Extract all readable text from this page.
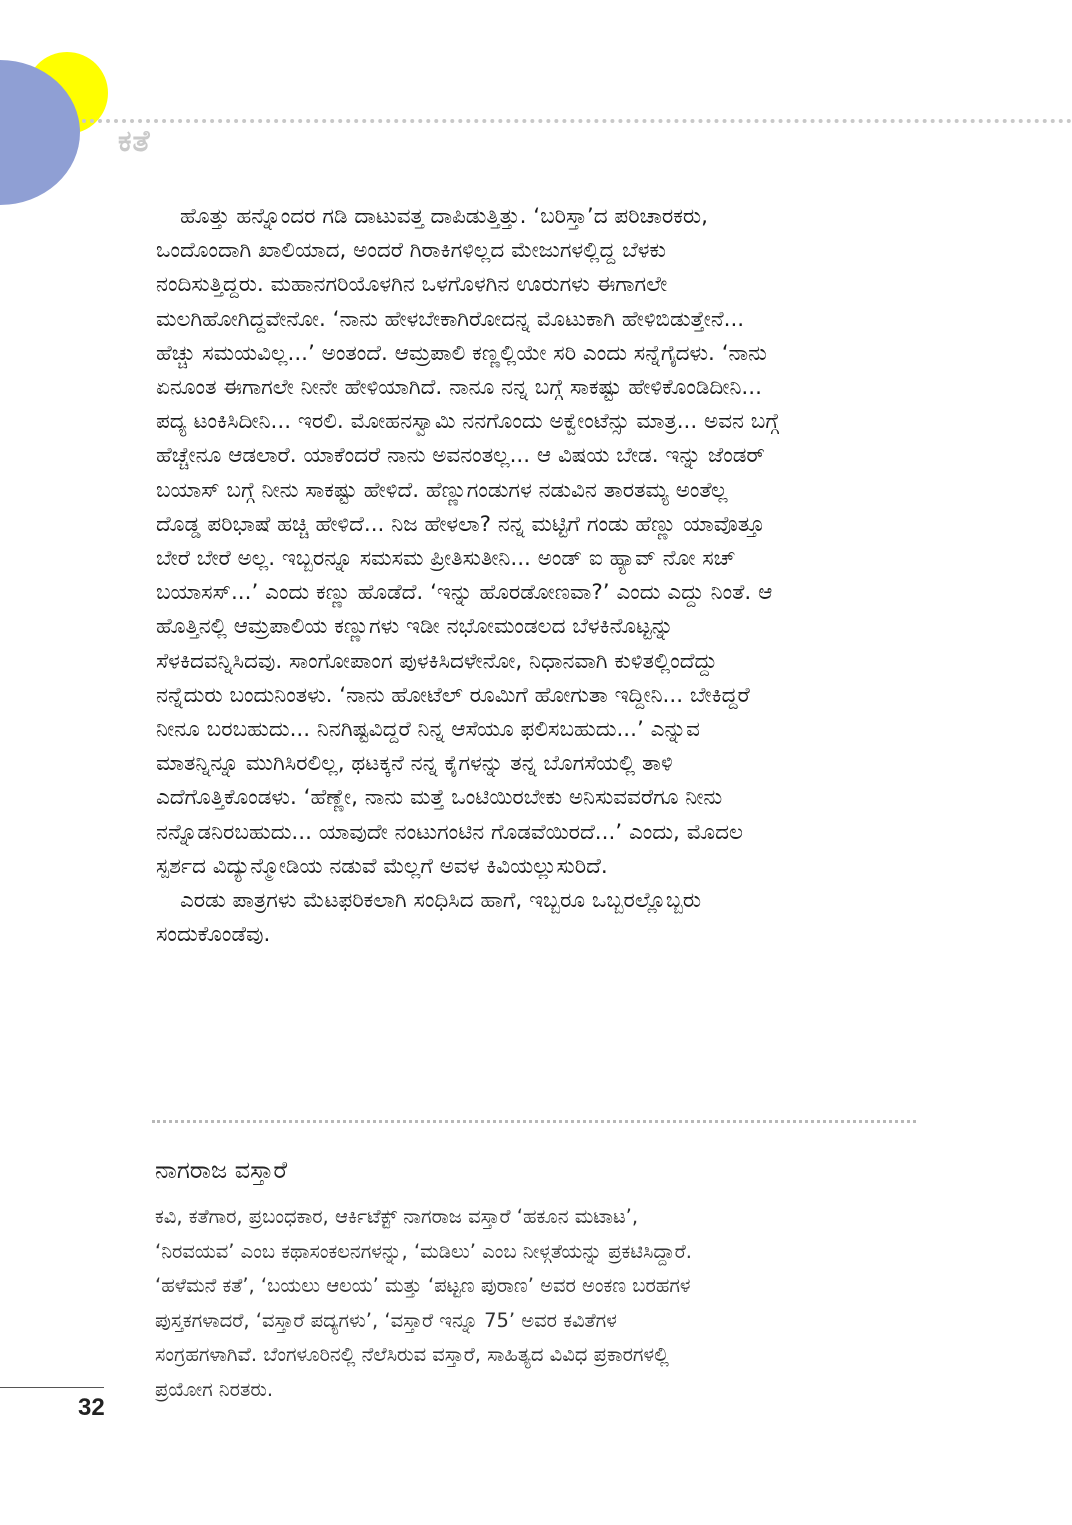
ಕತೆ
ಹೊತ್ತು ಹನ್ನೊಂದರ ಗಡಿ ದಾಟುವತ್ತ ದಾಪಿಡುತ್ತಿತ್ತು. ‘ಬರಿಸ್ತಾ’ದ ಪರಿಚಾರಕರು,
ಒಂದೊಂದಾಗಿ ಖಾಲಿಯಾದ, ಅಂದರೆ ಗಿರಾಕಿಗಳಿಲ್ಲದ ಮೇಜುಗಳಲ್ಲಿದ್ದ ಬೆಳಕು
ನಂದಿಸುತ್ತಿದ್ದರು. ಮಹಾನಗರಿಯೊಳಗಿನ ಒಳಗೊಳಗಿನ ಊರುಗಳು ಈಗಾಗಲೇ
ಮಲಗಿಹೋಗಿದ್ದವೇನೋ. ‘ನಾನು ಹೇಳಬೇಕಾಗಿರೋದನ್ನ ಮೊಟುಕಾಗಿ ಹೇಳಿಬಿಡುತ್ತೇನೆ...
ಹೆಚ್ಚು ಸಮಯವಿಲ್ಲ...’ ಅಂತಂದೆ. ಆಮ್ರಪಾಲಿ ಕಣ್ಣಲ್ಲಿಯೇ ಸರಿ ಎಂದು ಸನ್ನೆಗೈದಳು. ‘ನಾನು
ಏನೂಂತ ಈಗಾಗಲೇ ನೀನೇ ಹೇಳಿಯಾಗಿದೆ. ನಾನೂ ನನ್ನ ಬಗ್ಗೆ ಸಾಕಷ್ಟು ಹೇಳಿಕೊಂಡಿದೀನಿ...
ಪದ್ಯ ಟಂಕಿಸಿದೀನಿ... ಇರಲಿ. ಮೋಹನಸ್ವಾಮಿ ನನಗೊಂದು ಅಕ್ವೇಂಟೆನ್ಸು ಮಾತ್ರ... ಅವನ ಬಗ್ಗೆ
ಹೆಚ್ಚೇನೂ ಆಡಲಾರೆ. ಯಾಕೆಂದರೆ ನಾನು ಅವನಂತಲ್ಲ... ಆ ವಿಷಯ ಬೇಡ. ಇನ್ನು ಜೆಂಡರ್
ಬಯಾಸ್ ಬಗ್ಗೆ ನೀನು ಸಾಕಷ್ಟು ಹೇಳಿದೆ. ಹೆಣ್ಣುಗಂಡುಗಳ ನಡುವಿನ ತಾರತಮ್ಯ ಅಂತೆಲ್ಲ
ದೊಡ್ಡ ಪರಿಭಾಷೆ ಹಚ್ಚಿ ಹೇಳಿದೆ... ನಿಜ ಹೇಳಲಾ? ನನ್ನ ಮಟ್ಟಿಗೆ ಗಂಡು ಹೆಣ್ಣು ಯಾವೊತ್ತೂ
ಬೇರೆ ಬೇರೆ ಅಲ್ಲ. ಇಬ್ಬರನ್ನೂ ಸಮಸಮ ಪ್ರೀತಿಸುತೀನಿ... ಅಂಡ್ ಐ ಹ್ಯಾವ್ ನೋ ಸಚ್
ಬಯಾಸಸ್...’ ಎಂದು ಕಣ್ಣು ಹೊಡೆದೆ. ‘ಇನ್ನು ಹೊರಡೋಣವಾ?’ ಎಂದು ಎದ್ದು ನಿಂತೆ. ಆ
ಹೊತ್ತಿನಲ್ಲಿ ಆಮ್ರಪಾಲಿಯ ಕಣ್ಣುಗಳು ಇಡೀ ನಭೋಮಂಡಲದ ಬೆಳಕಿನೊಟ್ಟನ್ನು
ಸೆಳಕಿದವನ್ನಿಸಿದವು. ಸಾಂಗೋಪಾಂಗ ಪುಳಕಿಸಿದಳೇನೋ, ನಿಧಾನವಾಗಿ ಕುಳಿತಲ್ಲಿಂದೆದ್ದು
ನನ್ನೆದುರು ಬಂದುನಿಂತಳು. ‘ನಾನು ಹೋಟೆಲ್ ರೂಮಿಗೆ ಹೋಗುತಾ ಇದ್ದೀನಿ... ಬೇಕಿದ್ದರೆ
ನೀನೂ ಬರಬಹುದು... ನಿನಗಿಷ್ಟವಿದ್ದರೆ ನಿನ್ನ ಆಸೆಯೂ ಫಲಿಸಬಹುದು...’ ಎನ್ನುವ
ಮಾತನ್ನಿನ್ನೂ ಮುಗಿಸಿರಲಿಲ್ಲ, ಥಟಕ್ಕನೆ ನನ್ನ ಕೈಗಳನ್ನು ತನ್ನ ಬೊಗಸೆಯಲ್ಲಿ ತಾಳಿ
ಎದೆಗೊತ್ತಿಕೊಂಡಳು. ‘ಹೆಣ್ಣೇ, ನಾನು ಮತ್ತೆ ಒಂಟಿಯಿರಬೇಕು ಅನಿಸುವವರೆಗೂ ನೀನು
ನನ್ನೊಡನಿರಬಹುದು... ಯಾವುದೇ ನಂಟುಗಂಟಿನ ಗೊಡವೆಯಿರದೆ...’ ಎಂದು, ಮೊದಲ
ಸ್ಪರ್ಶದ ವಿದ್ಯುನ್ಮೋಡಿಯ ನಡುವೆ ಮೆಲ್ಲಗೆ ಅವಳ ಕಿವಿಯಲ್ಲುಸುರಿದೆ.
ಎರಡು ಪಾತ್ರಗಳು ಮೆಟಫರಿಕಲಾಗಿ ಸಂಧಿಸಿದ ಹಾಗೆ, ಇಬ್ಬರೂ ಒಬ್ಬರಲ್ಲೊಬ್ಬರು
ಸಂದುಕೊಂಡೆವು.
ನಾಗರಾಜ ವಸ್ತಾರೆ
ಕವಿ, ಕತೆಗಾರ, ಪ್ರಬಂಧಕಾರ, ಆರ್ಕಿಟೆಕ್ಟ್ ನಾಗರಾಜ ವಸ್ತಾರೆ ‘ಹಕೂನ ಮಟಾಟ’,
‘ನಿರವಯವ’ ಎಂಬ ಕಥಾಸಂಕಲನಗಳನ್ನು, ‘ಮಡಿಲು’ ಎಂಬ ನೀಳ್ಗತೆಯನ್ನು ಪ್ರಕಟಿಸಿದ್ದಾರೆ.
‘ಹಳೆಮನೆ ಕತೆ’, ‘ಬಯಲು ಆಲಯ’ ಮತ್ತು ‘ಪಟ್ಟಣ ಪುರಾಣ’ ಅವರ ಅಂಕಣ ಬರಹಗಳ
ಪುಸ್ತಕಗಳಾದರೆ, ‘ವಸ್ತಾರೆ ಪದ್ಯಗಳು’, ‘ವಸ್ತಾರೆ ಇನ್ನೂ 75’ ಅವರ ಕವಿತೆಗಳ
ಸಂಗ್ರಹಗಳಾಗಿವೆ. ಬೆಂಗಳೂರಿನಲ್ಲಿ ನೆಲೆಸಿರುವ ವಸ್ತಾರೆ, ಸಾಹಿತ್ಯದ ವಿವಿಧ ಪ್ರಕಾರಗಳಲ್ಲಿ
ಪ್ರಯೋಗ ನಿರತರು.
32
